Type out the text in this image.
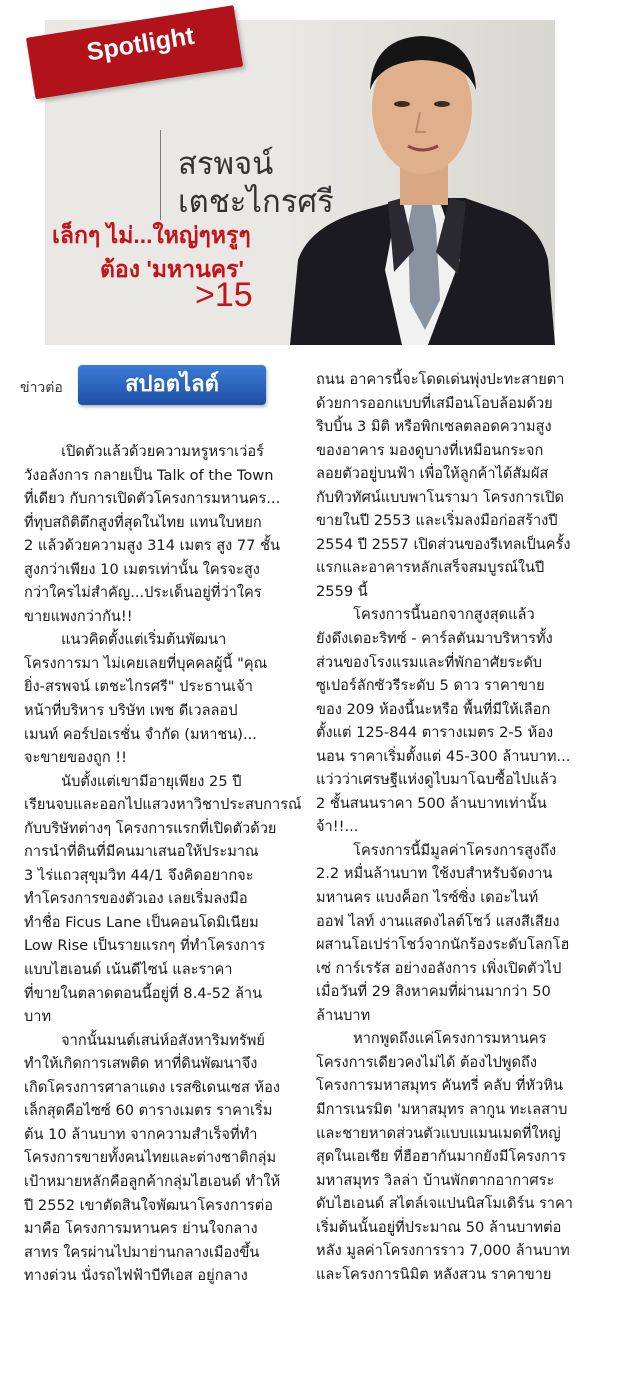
Spotlight
สรพจน์
เตชะไกรศรี
เล็กๆ ไม่...ใหญ่ๆหรูๆ
ต้อง 'มหานคร'
>15
ข่าวต่อ	สปอตไลต์

เปิดตัวแล้วด้วยความหรูหราเว่อร์

วังอลังการ กลายเป็น Talk of the Town

ที่เดียว กับการเปิดตัวโครงการมหานคร...

ที่ทุบสถิติตึกสูงที่สุดในไทย แทนใบหยก

2 แล้วด้วยความสูง 314 เมตร สูง 77 ชั้น

สูงกว่าเพียง 10 เมตรเท่านั้น ใครจะสูง

กว่าใครไม่สำคัญ...ประเด็นอยู่ที่ว่าใคร

ขายแพงกว่ากัน!!

แนวคิดตั้งแต่เริ่มต้นพัฒนา

โครงการมา ไม่เคยเลยที่บุคคลผู้นี้ "คุณ

ยิ่ง-สรพจน์ เตชะไกรศรี" ประธานเจ้า

หน้าที่บริหาร บริษัท เพช ดีเวลลอป

เมนท์ คอร์ปอเรชั่น จำกัด (มหาชน)...

จะขายของถูก !!

นับตั้งแต่เขามีอายุเพียง 25 ปี

เรียนจบและออกไปแสวงหาวิชาประสบการณ์

กับบริษัทต่างๆ โครงการแรกที่เปิดตัวด้วย

การนำที่ดินที่มีคนมาเสนอให้ประมาณ

3 ไร่แถวสุขุมวิท 44/1 จึงคิดอยากจะ

ทำโครงการของตัวเอง เลยเริ่มลงมือ

ทำชื่อ Ficus Lane เป็นคอนโดมิเนียม

Low Rise เป็นรายแรกๆ ที่ทำโครงการ

แบบไฮเอนด์ เน้นดีไซน์ และราคา

ที่ขายในตลาดตอนนี้อยู่ที่ 8.4-52 ล้าน

บาท

จากนั้นมนต์เสน่ห์อสังหาริมทรัพย์

ทำให้เกิดการเสพติด หาที่ดินพัฒนาจึง

เกิดโครงการศาลาแดง เรสซิเดนเซส ห้อง

เล็กสุดคือไซซ์ 60 ตารางเมตร ราคาเริ่ม

ต้น 10 ล้านบาท จากความสำเร็จที่ทำ

โครงการขายทั้งคนไทยและต่างชาติกลุ่ม

เป้าหมายหลักคือลูกค้ากลุ่มไฮเอนด์ ทำให้

ปี 2552 เขาตัดสินใจพัฒนาโครงการต่อ

มาคือ โครงการมหานคร ย่านใจกลาง

สาทร ใครผ่านไปมาย่านกลางเมืองขึ้น

ทางด่วน นั่งรถไฟฟ้าบีทีเอส อยู่กลาง

ถนน อาคารนี้จะโดดเด่นพุ่งปะทะสายตา

ด้วยการออกแบบที่เสมือนโอบล้อมด้วย

ริบบิ้น 3 มิติ หรือพิกเซลตลอดความสูง

ของอาคาร มองดูบางที่เหมือนกระจก

ลอยตัวอยู่บนฟ้า เพื่อให้ลูกค้าได้สัมผัส

กับทิวทัศน์แบบพาโนรามา โครงการเปิด

ขายในปี 2553 และเริ่มลงมือก่อสร้างปี

2554 ปี 2557 เปิดส่วนของรีเทลเป็นครั้ง

แรกและอาคารหลักเสร็จสมบูรณ์ในปี

2559 นี้

โครงการนี้นอกจากสูงสุดแล้ว

ยังดึงเดอะริทซ์ - คาร์ลตันมาบริหารทั้ง

ส่วนของโรงแรมและที่พักอาศัยระดับ

ซูเปอร์ลักซัวรีระดับ 5 ดาว ราคาขาย

ของ 209 ห้องนี้นะหรือ พื้นที่มีให้เลือก

ตั้งแต่ 125-844 ตารางเมตร 2-5 ห้อง

นอน ราคาเริ่มตั้งแต่ 45-300 ล้านบาท...

แว่วว่าเศรษฐีแห่งดูไบมาโฉบซื้อไปแล้ว

2 ชั้นสนนราคา 500 ล้านบาทเท่านั้น

จ้า!!...

โครงการนี้มีมูลค่าโครงการสูงถึง

2.2 หมื่นล้านบาท ใช้งบสำหรับจัดงาน

มหานคร แบงค็อก ไรซ์ซิ่ง เดอะไนท์

ออฟ ไลท์ งานแสดงไลต์โชว์ แสงสีเสียง

ผสานโอเปร่าโชว์จากนักร้องระดับโลกโฮ

เซ่ การ์เรรัส อย่างอลังการ เพิ่งเปิดตัวไป

เมื่อวันที่ 29 สิงหาคมที่ผ่านมากว่า 50

ล้านบาท

หากพูดถึงแค่โครงการมหานคร

โครงการเดียวคงไม่ได้ ต้องไปพูดถึง

โครงการมหาสมุทร คันทรี่ คลับ ที่หัวหิน

มีการเนรมิต 'มหาสมุทร ลากูน ทะเลสาบ

และชายหาดส่วนตัวแบบแมนเมดที่ใหญ่

สุดในเอเชีย ที่ฮือฮากันมากยังมีโครงการ

มหาสมุทร วิลล่า บ้านพักตากอากาศระ

ดับไฮเอนด์ สไตล์เจแปนนิสโมเดิร์น ราคา

เริ่มต้นนั้นอยู่ที่ประมาณ 50 ล้านบาทต่อ

หลัง มูลค่าโครงการราว 7,000 ล้านบาท

และโครงการนิมิต หลังสวน ราคาขาย
